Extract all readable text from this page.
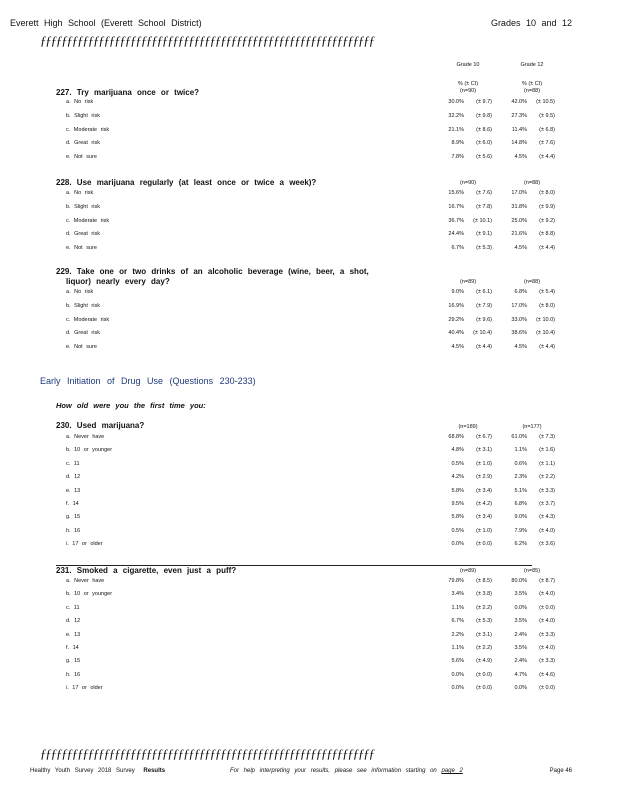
Everett High School (Everett School District)	Grades 10 and 12
ƒƒƒƒƒƒƒƒƒƒƒƒƒƒƒƒƒƒƒƒƒƒƒƒƒƒƒƒƒƒƒƒƒƒƒƒƒƒƒƒƒƒƒƒƒƒƒƒƒƒƒƒƒƒƒƒƒƒƒƒƒƒƒ
Grade 10	Grade 12
% (± CI)	% (± CI)
227. Try marijuana once or twice?	(n=90)	(n=88)
a. No risk	30.0%	(± 9.7)	42.0%	(± 10.5)
b. Slight risk	32.2%	(± 9.8)	27.3%	(± 9.5)
c. Moderate risk	21.1%	(± 8.6)	11.4%	(± 6.8)
d. Great risk	8.9%	(± 6.0)	14.8%	(± 7.6)
e. Not sure	7.8%	(± 5.6)	4.5%	(± 4.4)
228. Use marijuana regularly (at least once or twice a week)?	(n=90)	(n=88)
a. No risk	15.6%	(± 7.6)	17.0%	(± 8.0)
b. Slight risk	16.7%	(± 7.8)	31.8%	(± 9.9)
c. Moderate risk	36.7%	(± 10.1)	25.0%	(± 9.2)
d. Great risk	24.4%	(± 9.1)	21.6%	(± 8.8)
e. Not sure	6.7%	(± 5.3)	4.5%	(± 4.4)
229. Take one or two drinks of an alcoholic beverage (wine, beer, a shot,
liquor) nearly every day?	(n=89)	(n=88)
a. No risk	9.0%	(± 6.1)	6.8%	(± 5.4)
b. Slight risk	16.9%	(± 7.9)	17.0%	(± 8.0)
c. Moderate risk	29.2%	(± 9.6)	33.0%	(± 10.0)
d. Great risk	40.4%	(± 10.4)	38.6%	(± 10.4)
e. Not sure	4.5%	(± 4.4)	4.5%	(± 4.4)
Early Initiation of Drug Use (Questions 230-233)
How old were you the first time you:
230. Used marijuana?	(n=189)	(n=177)
a. Never have	68.8%	(± 6.7)	61.0%	(± 7.3)
b. 10 or younger	4.8%	(± 3.1)	1.1%	(± 1.6)
c. 11	0.5%	(± 1.0)	0.6%	(± 1.1)
d. 12	4.2%	(± 2.9)	2.3%	(± 2.2)
e. 13	5.8%	(± 3.4)	5.1%	(± 3.3)
f. 14	9.5%	(± 4.2)	6.8%	(± 3.7)
g. 15	5.8%	(± 3.4)	9.0%	(± 4.3)
h. 16	0.5%	(± 1.0)	7.9%	(± 4.0)
i. 17 or older	0.0%	(± 0.0)	6.2%	(± 3.6)
231. Smoked a cigarette, even just a puff?	(n=89)	(n=85)
a. Never have	79.8%	(± 8.5)	80.0%	(± 8.7)
b. 10 or younger	3.4%	(± 3.8)	3.5%	(± 4.0)
c. 11	1.1%	(± 2.2)	0.0%	(± 0.0)
d. 12	6.7%	(± 5.3)	3.5%	(± 4.0)
e. 13	2.2%	(± 3.1)	2.4%	(± 3.3)
f. 14	1.1%	(± 2.2)	3.5%	(± 4.0)
g. 15	5.6%	(± 4.9)	2.4%	(± 3.3)
h. 16	0.0%	(± 0.0)	4.7%	(± 4.6)
i. 17 or older	0.0%	(± 0.0)	0.0%	(± 0.0)
ƒƒƒƒƒƒƒƒƒƒƒƒƒƒƒƒƒƒƒƒƒƒƒƒƒƒƒƒƒƒƒƒƒƒƒƒƒƒƒƒƒƒƒƒƒƒƒƒƒƒƒƒƒƒƒƒƒƒƒƒƒƒƒ
Healthy Youth Survey 2018 Survey Results	For help interpreting your results, please see information starting on page 2	Page 46
